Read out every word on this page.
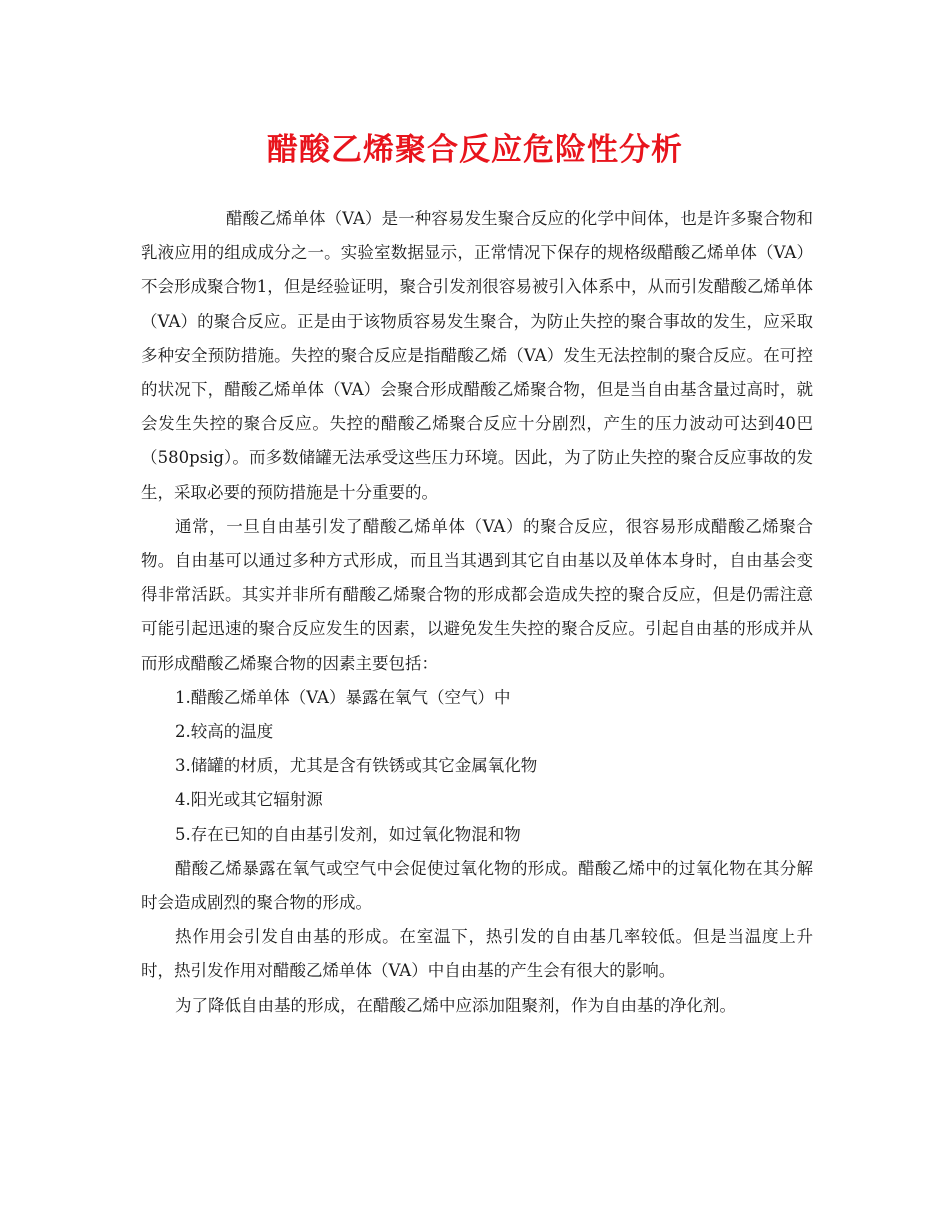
醋酸乙烯聚合反应危险性分析

醋酸乙烯单体（VA）是一种容易发生聚合反应的化学中间体，也是许多聚合物和乳液应用的组成成分之一。实验室数据显示，正常情况下保存的规格级醋酸乙烯单体（VA）不会形成聚合物1，但是经验证明，聚合引发剂很容易被引入体系中，从而引发醋酸乙烯单体（VA）的聚合反应。正是由于该物质容易发生聚合，为防止失控的聚合事故的发生，应采取多种安全预防措施。失控的聚合反应是指醋酸乙烯（VA）发生无法控制的聚合反应。在可控的状况下，醋酸乙烯单体（VA）会聚合形成醋酸乙烯聚合物，但是当自由基含量过高时，就会发生失控的聚合反应。失控的醋酸乙烯聚合反应十分剧烈，产生的压力波动可达到40巴（580psig）。而多数储罐无法承受这些压力环境。因此，为了防止失控的聚合反应事故的发生，采取必要的预防措施是十分重要的。

通常，一旦自由基引发了醋酸乙烯单体（VA）的聚合反应，很容易形成醋酸乙烯聚合物。自由基可以通过多种方式形成，而且当其遇到其它自由基以及单体本身时，自由基会变得非常活跃。其实并非所有醋酸乙烯聚合物的形成都会造成失控的聚合反应，但是仍需注意可能引起迅速的聚合反应发生的因素，以避免发生失控的聚合反应。引起自由基的形成并从而形成醋酸乙烯聚合物的因素主要包括：

1.醋酸乙烯单体（VA）暴露在氧气（空气）中
2.较高的温度
3.储罐的材质，尤其是含有铁锈或其它金属氧化物
4.阳光或其它辐射源
5.存在已知的自由基引发剂，如过氧化物混和物

醋酸乙烯暴露在氧气或空气中会促使过氧化物的形成。醋酸乙烯中的过氧化物在其分解时会造成剧烈的聚合物的形成。

热作用会引发自由基的形成。在室温下，热引发的自由基几率较低。但是当温度上升时，热引发作用对醋酸乙烯单体（VA）中自由基的产生会有很大的影响。

为了降低自由基的形成，在醋酸乙烯中应添加阻聚剂，作为自由基的净化剂。
